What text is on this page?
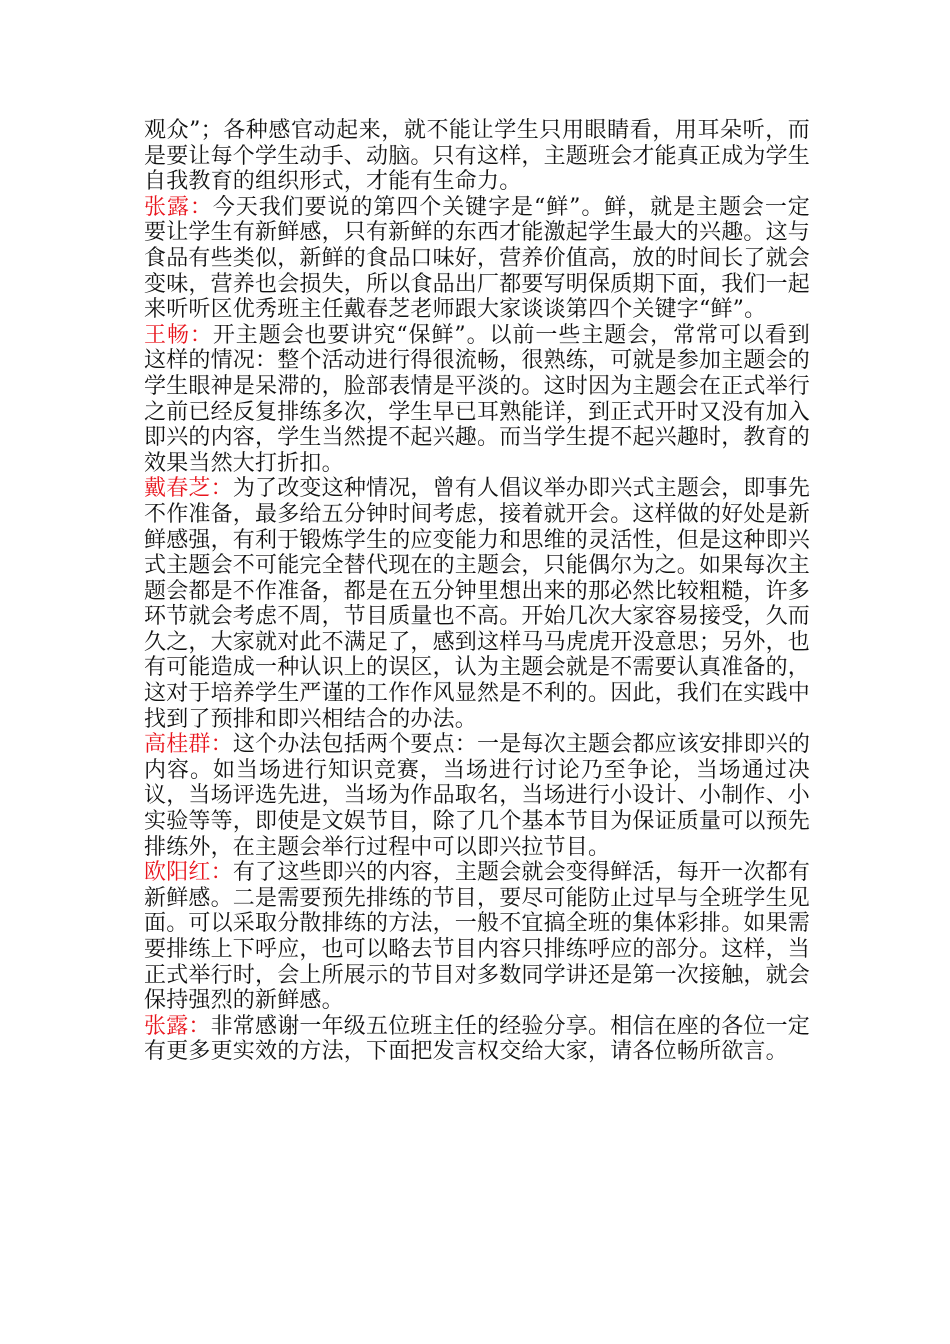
观众”；各种感官动起来，就不能让学生只用眼睛看，用耳朵听，而是要让每个学生动手、动脑。只有这样，主题班会才能真正成为学生自我教育的组织形式，才能有生命力。

张露：今天我们要说的第四个关键字是“鲜”。鲜，就是主题会一定要让学生有新鲜感，只有新鲜的东西才能激起学生最大的兴趣。这与食品有些类似，新鲜的食品口味好，营养价值高，放的时间长了就会变味，营养也会损失，所以食品出厂都要写明保质期下面，我们一起来听听区优秀班主任戴春芝老师跟大家谈谈第四个关键字“鲜”。

王畅：开主题会也要讲究“保鲜”。以前一些主题会，常常可以看到这样的情况：整个活动进行得很流畅，很熟练，可就是参加主题会的学生眼神是呆滞的，脸部表情是平淡的。这时因为主题会在正式举行之前已经反复排练多次，学生早已耳熟能详，到正式开时又没有加入即兴的内容，学生当然提不起兴趣。而当学生提不起兴趣时，教育的效果当然大打折扣。

戴春芝：为了改变这种情况，曾有人倡议举办即兴式主题会，即事先不作准备，最多给五分钟时间考虑，接着就开会。这样做的好处是新鲜感强，有利于锻炼学生的应变能力和思维的灵活性，但是这种即兴式主题会不可能完全替代现在的主题会，只能偶尔为之。如果每次主题会都是不作准备，都是在五分钟里想出来的那必然比较粗糙，许多环节就会考虑不周，节目质量也不高。开始几次大家容易接受，久而久之，大家就对此不满足了，感到这样马马虎虎开没意思；另外，也有可能造成一种认识上的误区，认为主题会就是不需要认真准备的，这对于培养学生严谨的工作作风显然是不利的。因此，我们在实践中找到了预排和即兴相结合的办法。

高桂群：这个办法包括两个要点：一是每次主题会都应该安排即兴的内容。如当场进行知识竞赛，当场进行讨论乃至争论，当场通过决议，当场评选先进，当场为作品取名，当场进行小设计、小制作、小实验等等，即使是文娱节目，除了几个基本节目为保证质量可以预先排练外，在主题会举行过程中可以即兴拉节目。

欧阳红：有了这些即兴的内容，主题会就会变得鲜活，每开一次都有新鲜感。二是需要预先排练的节目，要尽可能防止过早与全班学生见面。可以采取分散排练的方法，一般不宜搞全班的集体彩排。如果需要排练上下呼应，也可以略去节目内容只排练呼应的部分。这样，当正式举行时，会上所展示的节目对多数同学讲还是第一次接触，就会保持强烈的新鲜感。

张露：非常感谢一年级五位班主任的经验分享。相信在座的各位一定有更多更实效的方法，下面把发言权交给大家，请各位畅所欲言。
